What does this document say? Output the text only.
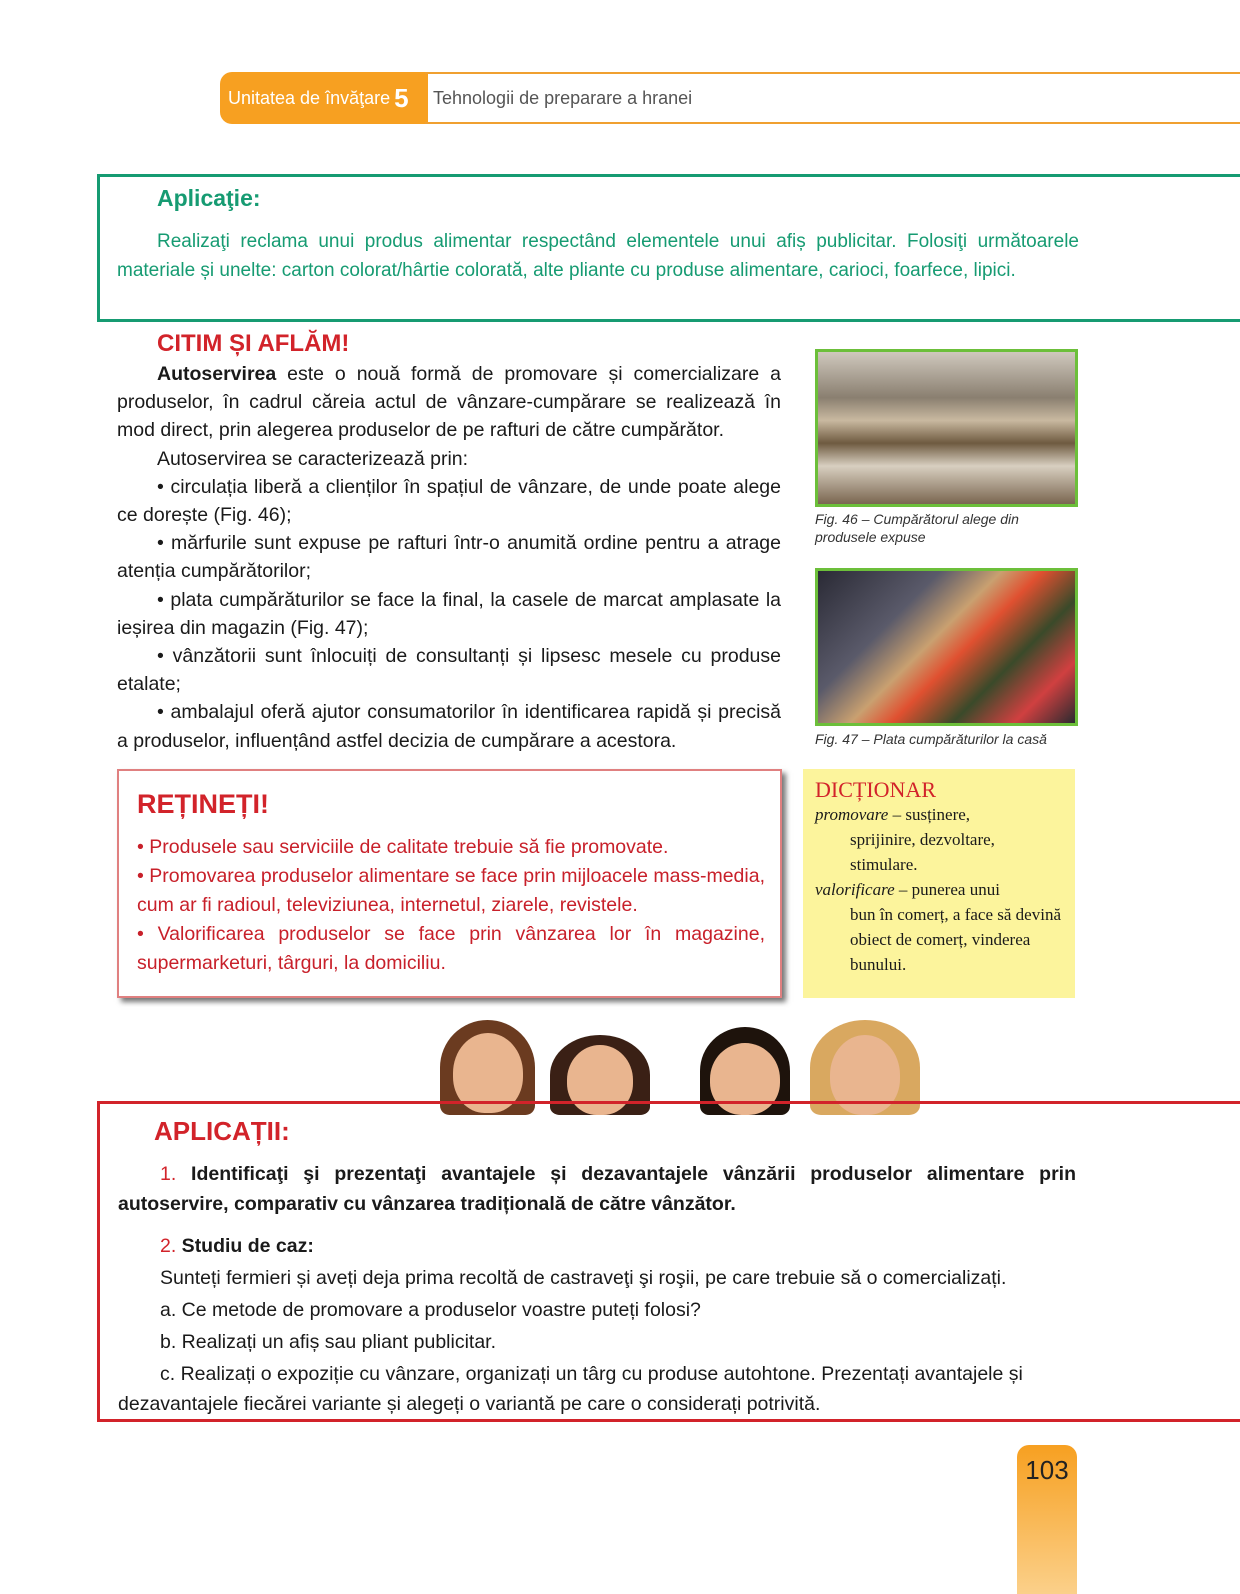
Unitatea de învăţare 5	Tehnologii de preparare a hranei
Aplicaţie:

Realizaţi reclama unui produs alimentar respectând elementele unui afiș publicitar. Folosiţi următoarele materiale și unelte: carton colorat/hârtie colorată, alte pliante cu produse alimentare, carioci, foarfece, lipici.

CITIM ȘI AFLĂM!

Autoservirea este o nouă formă de promovare și comercializare a produselor, în cadrul căreia actul de vânzare-cumpărare se realizează în mod direct, prin alegerea produselor de pe rafturi de către cumpărător.

Autoservirea se caracterizează prin:

• circulația liberă a clienților în spațiul de vânzare, de unde poate alege ce dorește (Fig. 46);

• mărfurile sunt expuse pe rafturi într-o anumită ordine pentru a atrage atenția cumpărătorilor;

• plata cumpărăturilor se face la final, la casele de marcat amplasate la ieșirea din magazin (Fig. 47);

• vânzătorii sunt înlocuiți de consultanți și lipsesc mesele cu produse etalate;

• ambalajul oferă ajutor consumatorilor în identificarea rapidă și precisă a produselor, influențând astfel decizia de cumpărare a acestora.

Fig. 46 – Cumpărătorul alege din produsele expuse
Fig. 47 – Plata cumpărăturilor la casă
REȚINEȚI!

• Produsele sau serviciile de calitate trebuie să fie promovate.

• Promovarea produselor alimentare se face prin mijloacele mass-media, cum ar fi radioul, televiziunea, internetul, ziarele, revistele.

• Valorificarea produselor se face prin vânzarea lor în magazine, supermarketuri, târguri, la domiciliu.

DICȚIONAR
promovare – susținere,
sprijinire, dezvoltare, stimulare.
valorificare – punerea unui
bun în comerț, a face să devină obiect de comerț, vinderea bunului.
APLICAȚII:

1. Identificaţi şi prezentaţi avantajele și dezavantajele vânzării produselor alimentare prin autoservire, comparativ cu vânzarea tradițională de către vânzător.

2. Studiu de caz:

Sunteți fermieri și aveți deja prima recoltă de castraveţi şi roşii, pe care trebuie să o comercializați.

a. Ce metode de promovare a produselor voastre puteți folosi?

b. Realizați un afiș sau pliant publicitar.

c. Realizați o expoziție cu vânzare, organizați un târg cu produse autohtone. Prezentați avantajele și dezavantajele fiecărei variante și alegeți o variantă pe care o considerați potrivită.

103
